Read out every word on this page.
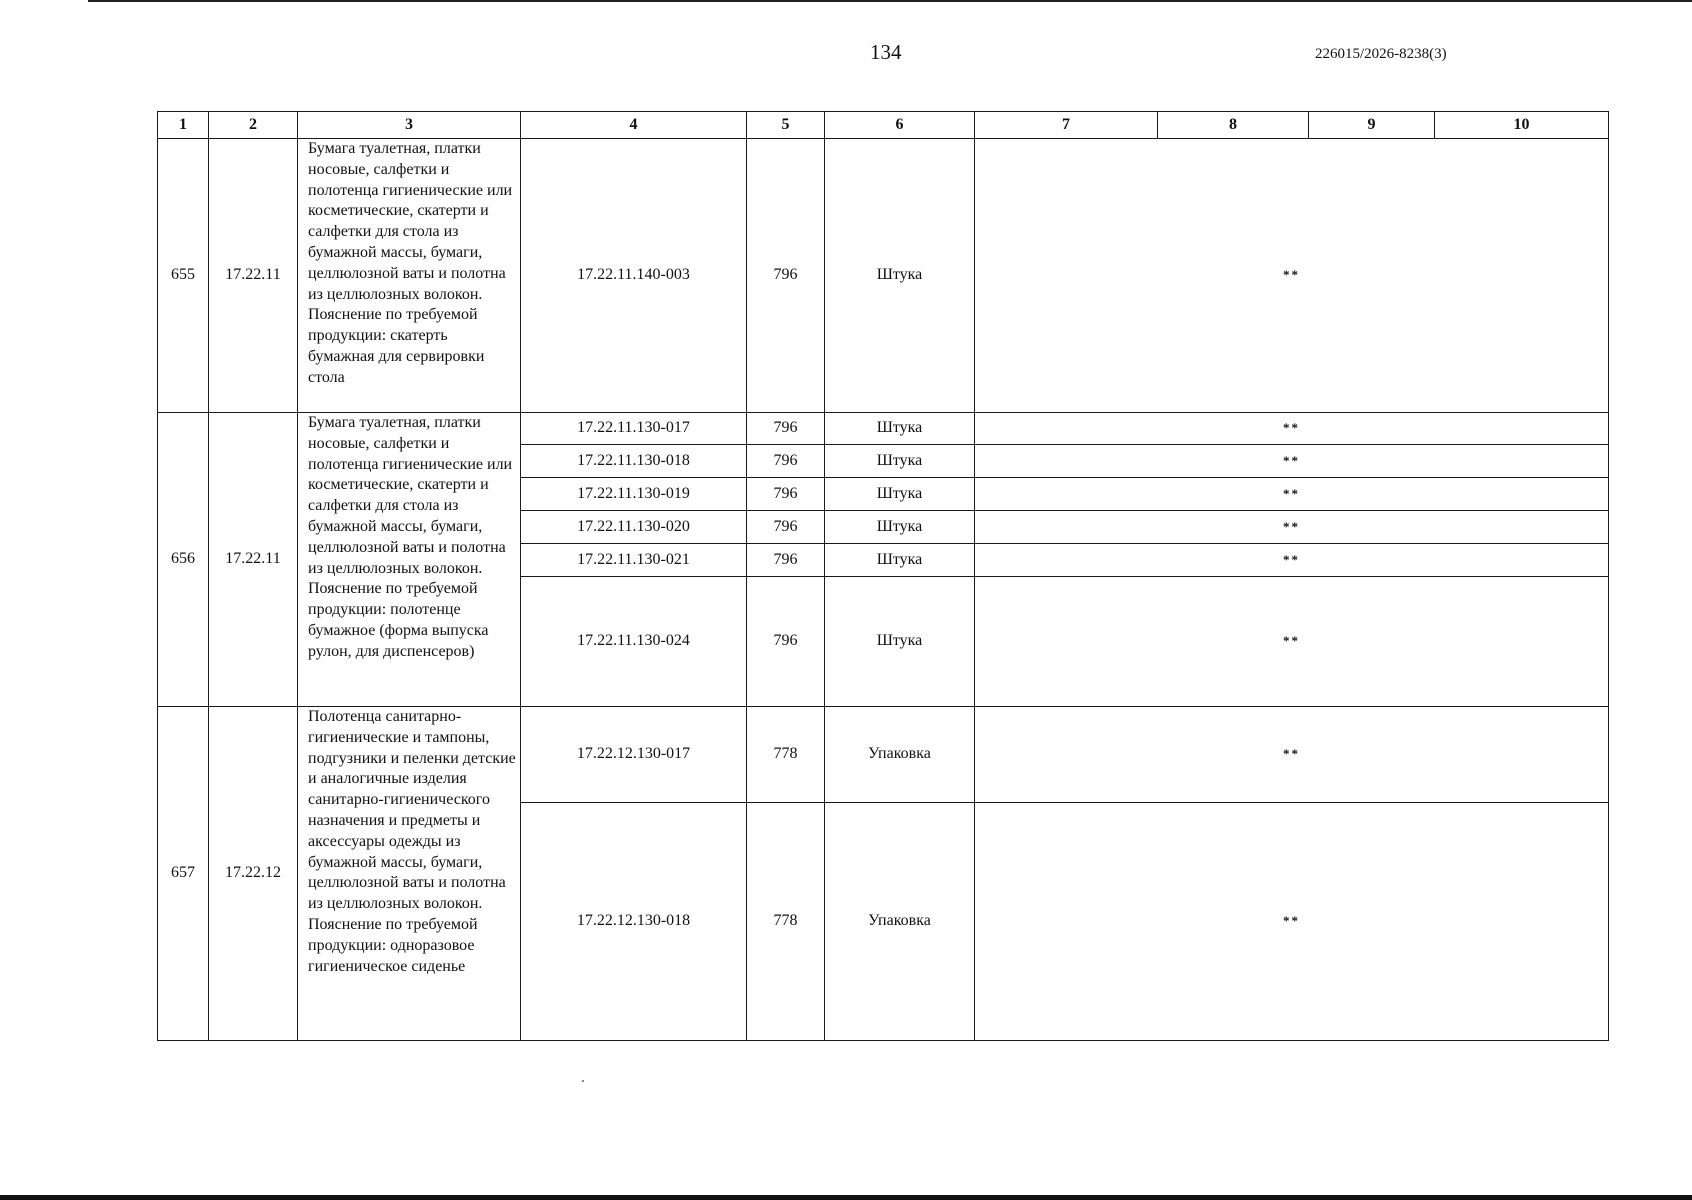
134	226015/2026-8238(3)
1	2	3	4	5	6	7	8	9	10
655	17.22.11	Бумага туалетная, платки носовые, салфетки и полотенца гигиенические или косметические, скатерти и салфетки для стола из бумажной массы, бумаги, целлюлозной ваты и полотна из целлюлозных волокон. Пояснение по требуемой продукции: скатерть бумажная для сервировки стола	17.22.11.140-003	796	Штука	**			
656	17.22.11	Бумага туалетная, платки носовые, салфетки и полотенца гигиенические или косметические, скатерти и салфетки для стола из бумажной массы, бумаги, целлюлозной ваты и полотна из целлюлозных волокон. Пояснение по требуемой продукции: полотенце бумажное (форма выпуска рулон, для диспенсеров)	17.22.11.130-017	796	Штука	**			
			17.22.11.130-018	796	Штука	**			
			17.22.11.130-019	796	Штука	**			
			17.22.11.130-020	796	Штука	**			
			17.22.11.130-021	796	Штука	**			
			17.22.11.130-024	796	Штука	**			
657	17.22.12	Полотенца санитарно-гигиенические и тампоны, подгузники и пеленки детские и аналогичные изделия санитарно-гигиенического назначения и предметы и аксессуары одежды из бумажной массы, бумаги, целлюлозной ваты и полотна из целлюлозных волокон. Пояснение по требуемой продукции: одноразовое гигиеническое сиденье	17.22.12.130-017	778	Упаковка	**			
			17.22.12.130-018	778	Упаковка	**			
